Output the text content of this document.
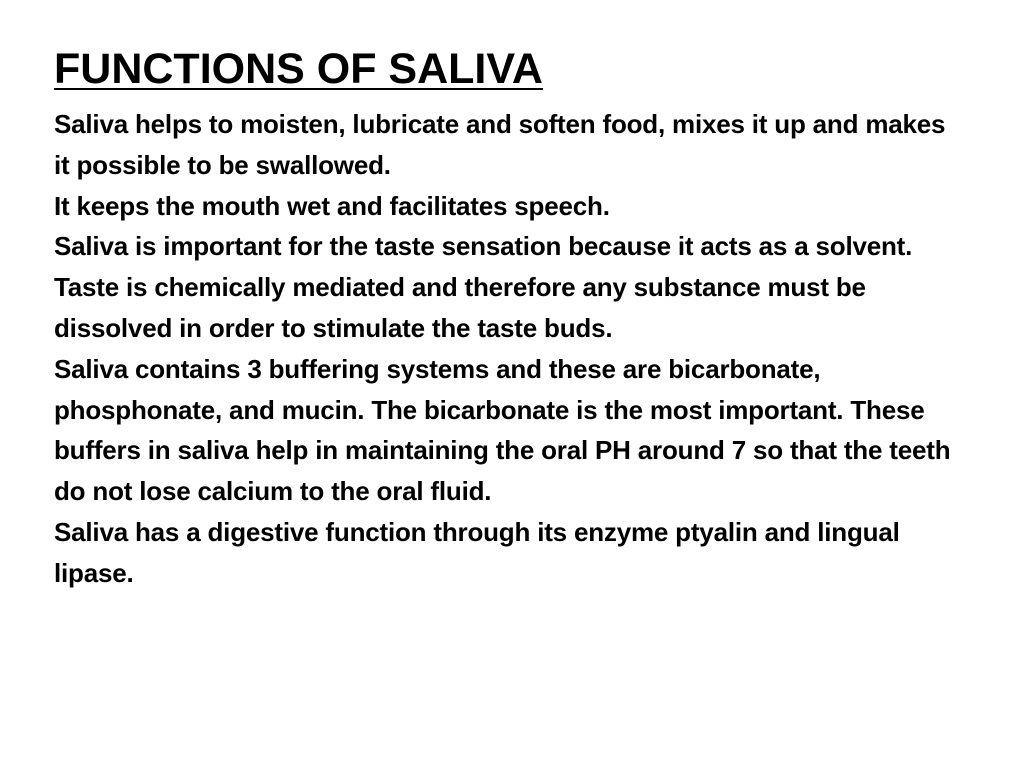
FUNCTIONS OF SALIVA

Saliva helps to moisten, lubricate and soften food, mixes it up and makes it possible to be swallowed.

It keeps the mouth wet and facilitates speech.

Saliva is important for the taste sensation because it acts as a solvent. Taste is chemically mediated and therefore any substance must be dissolved in order to stimulate the taste buds.

Saliva contains 3 buffering systems and these are bicarbonate, phosphonate, and mucin. The bicarbonate is the most important. These buffers in saliva help in maintaining the oral PH around 7 so that the teeth do not lose calcium to the oral fluid.

Saliva has a digestive function through its enzyme ptyalin and lingual lipase.
